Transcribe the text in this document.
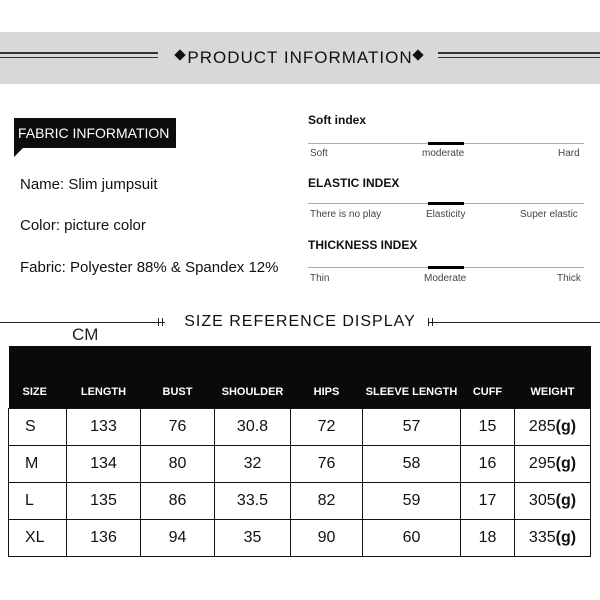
PRODUCT INFORMATION
FABRIC INFORMATION
Name: Slim jumpsuit
Color: picture color
Fabric: Polyester 88% & Spandex 12%
Soft index
Soft	moderate	Hard
ELASTIC INDEX
There is no play	Elasticity	Super elastic
THICKNESS INDEX
Thin	Moderate	Thick
SIZE REFERENCE DISPLAY
CM
SIZE	LENGTH	BUST	SHOULDER	HIPS	SLEEVE LENGTH	CUFF	WEIGHT
S	133	76	30.8	72	57	15	285(g)
M	134	80	32	76	58	16	295(g)
L	135	86	33.5	82	59	17	305(g)
XL	136	94	35	90	60	18	335(g)
